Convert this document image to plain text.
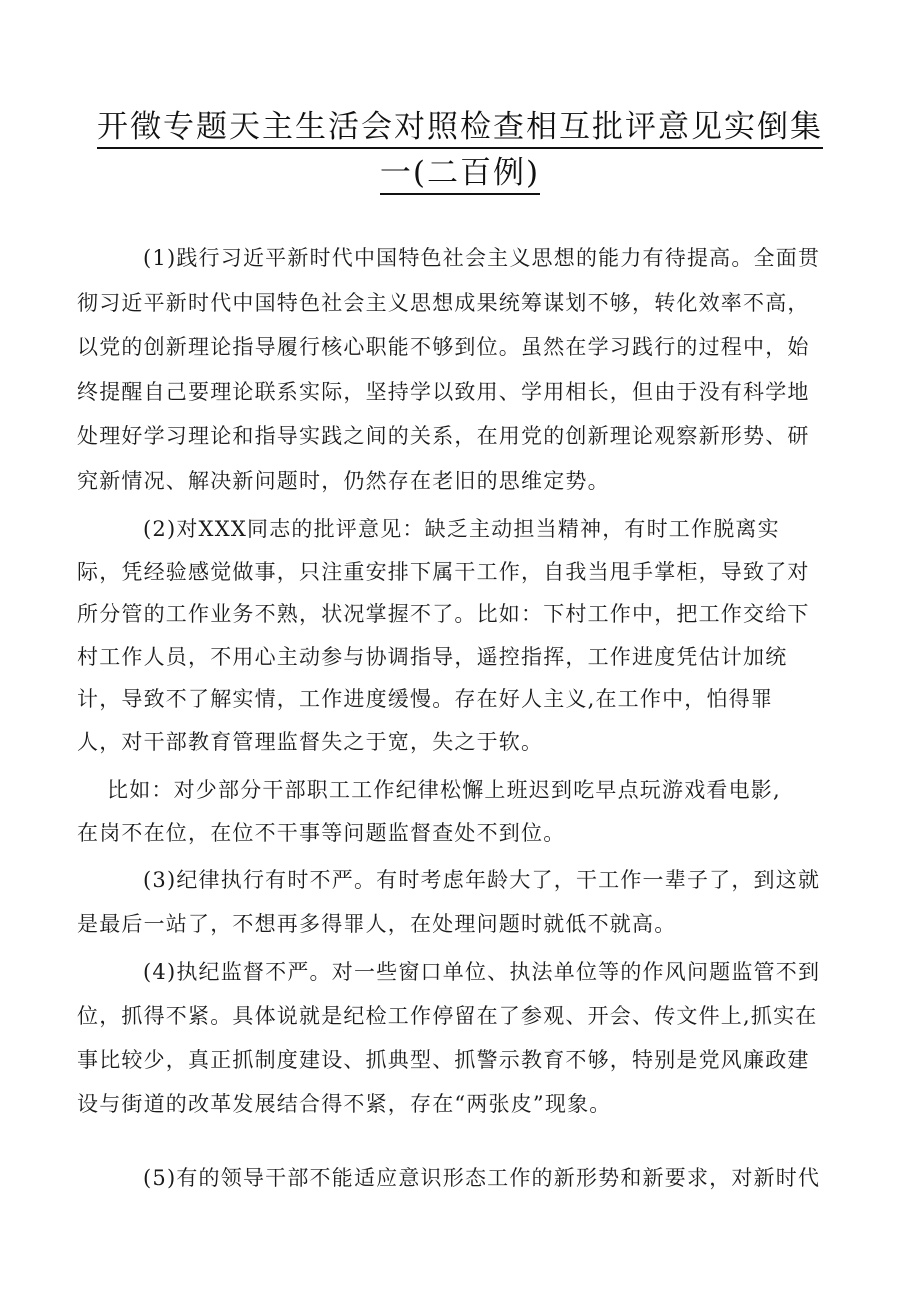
开徵专题天主生活会对照检查相互批评意见实倒集
一(二百例)
(1)践行习近平新时代中国特色社会主义思想的能力有待提高。全面贯
彻习近平新时代中国特色社会主义思想成果统筹谋划不够，转化效率不高，
以党的创新理论指导履行核心职能不够到位。虽然在学习践行的过程中，始
终提醒自己要理论联系实际，坚持学以致用、学用相长，但由于没有科学地
处理好学习理论和指导实践之间的关系，在用党的创新理论观察新形势、研
究新情况、解决新问题时，仍然存在老旧的思维定势。
(2)对XXX同志的批评意见：缺乏主动担当精神，有时工作脱离实
际，凭经验感觉做事，只注重安排下属干工作，自我当甩手掌柜，导致了对
所分管的工作业务不熟，状况掌握不了。比如：下村工作中，把工作交给下
村工作人员，不用心主动参与协调指导，遥控指挥，工作进度凭估计加统
计，导致不了解实情，工作进度缓慢。存在好人主义,在工作中，怕得罪
人，对干部教育管理监督失之于宽，失之于软。
比如：对少部分干部职工工作纪律松懈上班迟到吃早点玩游戏看电影,
在岗不在位，在位不干事等问题监督查处不到位。
(3)纪律执行有时不严。有时考虑年龄大了，干工作一辈子了，到这就
是最后一站了，不想再多得罪人，在处理问题时就低不就高。
(4)执纪监督不严。对一些窗口单位、执法单位等的作风问题监管不到
位，抓得不紧。具体说就是纪检工作停留在了参观、开会、传文件上,抓实在
事比较少，真正抓制度建设、抓典型、抓警示教育不够，特别是党风廉政建
设与街道的改革发展结合得不紧，存在“两张皮”现象。
(5)有的领导干部不能适应意识形态工作的新形势和新要求，对新时代
